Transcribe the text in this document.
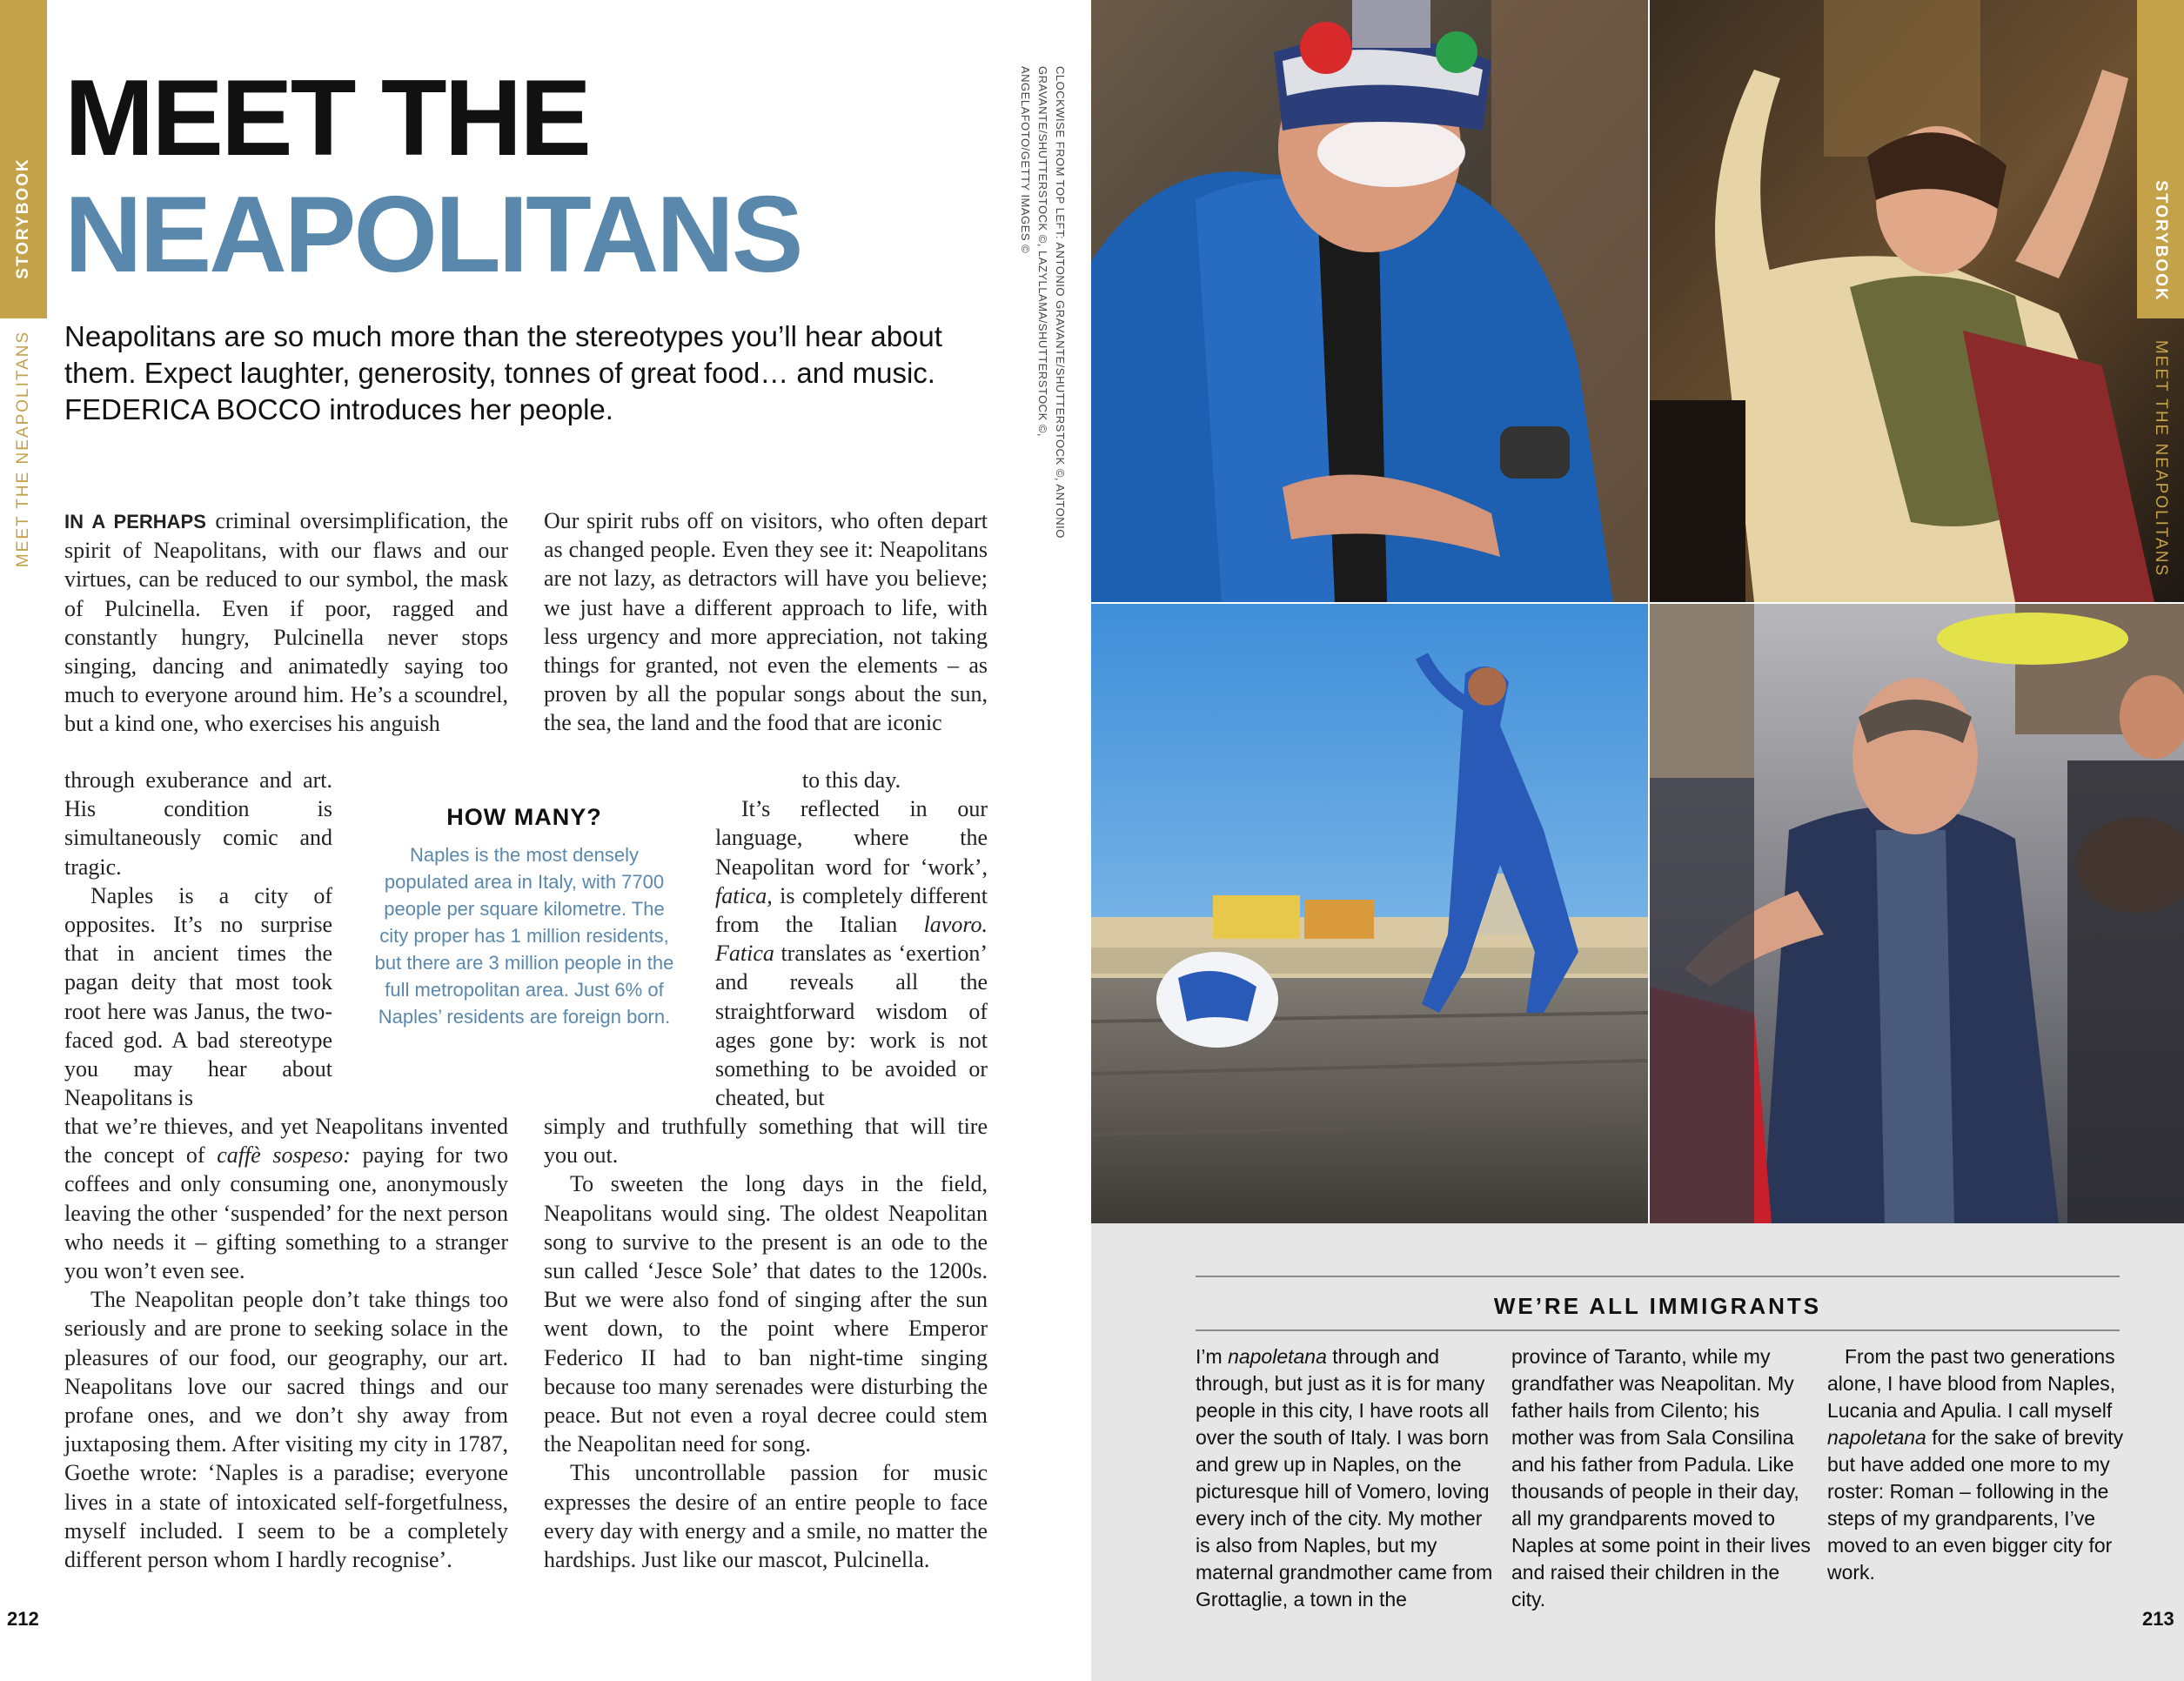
STORYBOOK
MEET THE NEAPOLITANS
MEET THE
NEAPOLITANS
Neapolitans are so much more than the stereotypes you’ll hear about them. Expect laughter, generosity, tonnes of great food… and music. FEDERICA BOCCO introduces her people.

IN A PERHAPS criminal oversimplification, the spirit of Neapolitans, with our flaws and our virtues, can be reduced to our symbol, the mask of Pulcinella. Even if poor, ragged and constantly hungry, Pulcinella never stops singing, dancing and animatedly saying too much to everyone around him. He’s a scoundrel, but a kind one, who exercises his anguish

through exuberance and art. His condition is simultaneously comic and tragic.

Naples is a city of opposites. It’s no surprise that in ancient times the pagan deity that most took root here was Janus, the two-faced god. A bad stereotype you may hear about Neapolitans is

that we’re thieves, and yet Neapolitans invented the concept of caffè sospeso: paying for two coffees and only consuming one, anonymously leaving the other ‘suspended’ for the next person who needs it – gifting something to a stranger you won’t even see.

The Neapolitan people don’t take things too seriously and are prone to seeking solace in the pleasures of our food, our geography, our art. Neapolitans love our sacred things and our profane ones, and we don’t shy away from juxtaposing them. After visiting my city in 1787, Goethe wrote: ‘Naples is a paradise; everyone lives in a state of intoxicated self-forgetfulness, myself included. I seem to be a completely different person whom I hardly recognise’.

Our spirit rubs off on visitors, who often depart as changed people. Even they see it: Neapolitans are not lazy, as detractors will have you believe; we just have a different approach to life, with less urgency and more appreciation, not taking things for granted, not even the elements – as proven by all the popular songs about the sun, the sea, the land and the food that are iconic

to this day.

It’s reflected in our language, where the Neapolitan word for ‘work’, fatica, is completely different from the Italian lavoro. Fatica translates as ‘exertion’ and reveals all the straightforward wisdom of ages gone by: work is not something to be avoided or cheated, but

simply and truthfully something that will tire you out.

To sweeten the long days in the field, Neapolitans would sing. The oldest Neapolitan song to survive to the present is an ode to the sun called ‘Jesce Sole’ that dates to the 1200s. But we were also fond of singing after the sun went down, to the point where Emperor Federico II had to ban night-time singing because too many serenades were disturbing the peace. But not even a royal decree could stem the Neapolitan need for song.

This uncontrollable passion for music expresses the desire of an entire people to face every day with energy and a smile, no matter the hardships. Just like our mascot, Pulcinella.

HOW MANY?
Naples is the most densely populated area in Italy, with 7700 people per square kilometre. The city proper has 1 million residents, but there are 3 million people in the full metropolitan area. Just 6% of Naples’ residents are foreign born.
CLOCKWISE FROM TOP LEFT: ANTONIO GRAVANTE/SHUTTERSTOCK ©, ANTONIO GRAVANTE/SHUTTERSTOCK ©, LAZYLLAMA/SHUTTERSTOCK ©, ANGELAFOTO/GETTY IMAGES ©
212
STORYBOOK
MEET THE NEAPOLITANS
WE’RE ALL IMMIGRANTS

I’m napoletana through and through, but just as it is for many people in this city, I have roots all over the south of Italy. I was born and grew up in Naples, on the picturesque hill of Vomero, loving every inch of the city. My mother is also from Naples, but my maternal grandmother came from Grottaglie, a town in the

province of Taranto, while my grandfather was Neapolitan. My father hails from Cilento; his mother was from Sala Consilina and his father from Padula. Like thousands of people in their day, all my grandparents moved to Naples at some point in their lives and raised their children in the city.

From the past two generations alone, I have blood from Naples, Lucania and Apulia. I call myself napoletana for the sake of brevity but have added one more to my roster: Roman – following in the steps of my grandparents, I’ve moved to an even bigger city for work.

213
